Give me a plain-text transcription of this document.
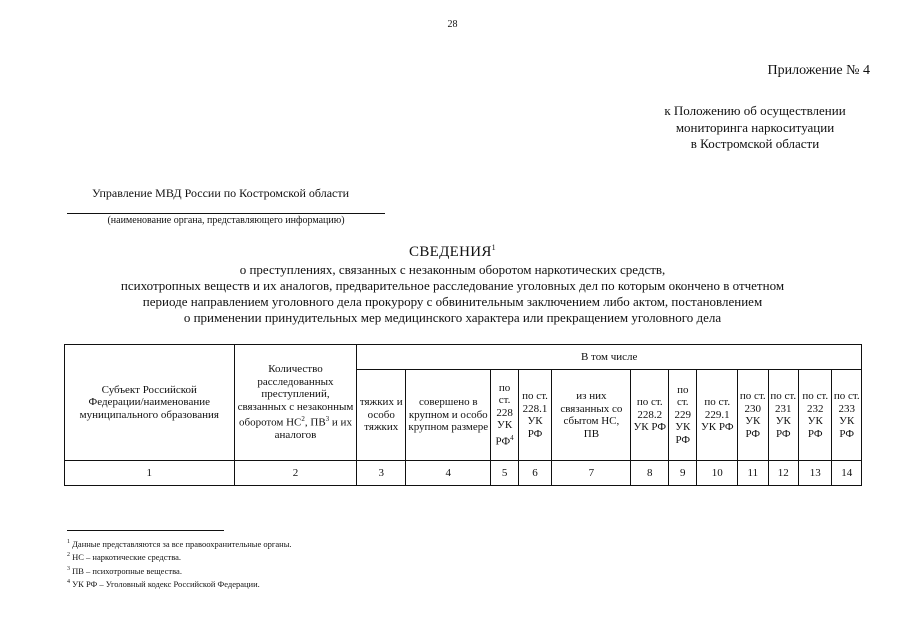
28
Приложение № 4
к Положению об осуществлении
мониторинга наркоситуации
в Костромской области
Управление МВД России по Костромской области
(наименование органа, представляющего информацию)
СВЕДЕНИЯ$^1$
о преступлениях, связанных с незаконным оборотом наркотических средств,
психотропных веществ и их аналогов, предварительное расследование уголовных дел по которым окончено в отчетном
периоде направлением уголовного дела прокурору с обвинительным заключением либо актом, постановлением
о применении принудительных мер медицинского характера или прекращением уголовного дела
Субъект Российской Федерации/наименование муниципального образования	Количество расследованных преступлений, связанных с незаконным оборотом $НС^2$, $ПВ^3$ и их аналогов	В том числе											
		тяжких и особо тяжких	совершено в крупном и особо крупном размере	по ст. 228 УК $РФ^4$	по ст. 228.1 УК РФ	из них связанных со сбытом НС, ПВ	по ст. 228.2 УК РФ	по ст. 229 УК РФ	по ст. 229.1 УК РФ	по ст. 230 УК РФ	по ст. 231 УК РФ	по ст. 232 УК РФ	по ст. 233 УК РФ
1	2	3	4	5	6	7	8	9	10	11	12	13	14
$^1$ Данные представляются за все правоохранительные органы.
$^2$ НС – наркотические средства.
$^3$ ПВ – психотропные вещества.
$^4$ УК РФ – Уголовный кодекс Российской Федерации.
